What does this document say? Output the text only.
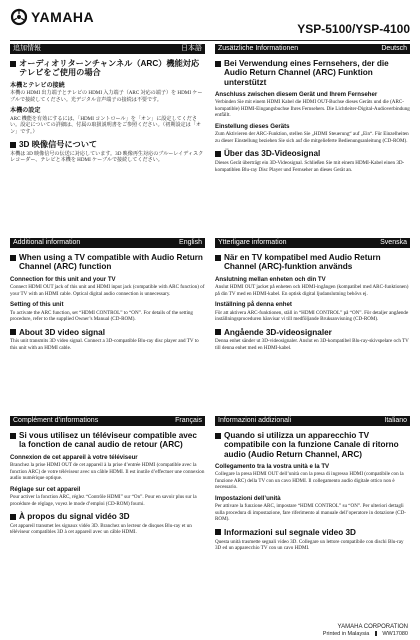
YAMAHA
YSP-5100/YSP-4100
追加情報	日本語
オーディオリターンチャンネル（ARC）機能対応テレビをご使用の場合
本機とテレビの接続
本機の HDMI 出力端子とテレビの HDMI 入力端子（ARC 対応の端子）を HDMI ケーブルで接続してください。光デジタル音声端子の接続は不要です。
本機の設定
ARC 機能を有効にするには、「HDMI コントロール」を「オン」に設定してください。設定についての詳細は、付属の取扱説明書をご参照ください。（初期設定は「オン」です。）
3D 映像信号について
本機は 3D 映像信号の伝送に対応しています。3D 映像再生対応のブルーレイディスクレコーダー、テレビと本機を HDMI ケーブルで接続してください。
Zusätzliche Informationen	Deutsch
Bei Verwendung eines Fernsehers, der die Audio Return Channel (ARC) Funktion unterstützt
Anschluss zwischen diesem Gerät und Ihrem Fernseher
Verbinden Sie mit einem HDMI Kabel die HDMI OUT-Buchse dieses Geräts und die (ARC-kompatible) HDMI-Eingangsbuchse Ihres Fernsehers. Die Lichtleiter-Digital-Audioverbindung entfällt.
Einstellung dieses Geräts
Zum Aktivieren der ARC-Funktion, stellen Sie „HDMI Steuerung“ auf „Ein“. Für Einzelheiten zu dieser Einstellung beziehen Sie sich auf die mitgelieferte Bedienungsanleitung (CD-ROM).
Über das 3D-Videosignal
Dieses Gerät überträgt ein 3D-Videosignal. Schließen Sie mit einem HDMI-Kabel einen 3D-kompatiblen Blu-ray Disc Player und Fernseher an dieses Gerät an.
Additional information	English
When using a TV compatible with Audio Return Channel (ARC) function
Connection for this unit and your TV
Connect HDMI OUT jack of this unit and HDMI input jack (compatible with ARC function) of your TV with an HDMI cable. Optical digital audio connection is unnecessary.
Setting of this unit
To activate the ARC function, set “HDMI CONTROL” to “ON”. For details of the setting procedure, refer to the supplied Owner’s Manual (CD-ROM).
About 3D video signal
This unit transmits 3D video signal. Connect a 3D-compatible Blu-ray disc player and TV to this unit with an HDMI cable.
Ytterligare information	Svenska
När en TV kompatibel med Audio Return Channel (ARC)-funktion används
Anslutning mellan enheten och din TV
Anslut HDMI OUT jacket på enheten och HDMI-ingången (kompatibel med ARC-funktionen) på din TV med en HDMI-kabel. En optisk digital ljudanslutning behövs ej.
Inställning på denna enhet
För att aktivera ARC-funktionen, ställ in “HDMI CONTROL” på “ON”. För detaljer angående inställningsproceduren hänvisar vi till medföljande Bruksanvisning (CD-ROM).
Angående 3D-videosignaler
Denna enhet sänder ut 3D-videosignaler. Anslut en 3D-kompatibel Blu-ray-skivspelare och TV till denna enhet med en HDMI-kabel.
Complément d’informations	Français
Si vous utilisez un téléviseur compatible avec la fonction de canal audio de retour (ARC)
Connexion de cet appareil à votre téléviseur
Branchez la prise HDMI OUT de cet appareil à la prise d’entrée HDMI (compatible avec la fonction ARC) de votre téléviseur avec un câble HDMI. Il est inutile d’effectuer une connexion audio numérique optique.
Réglage sur cet appareil
Pour activer la fonction ARC, réglez “Contrôle HDMI” sur “On”. Pour en savoir plus sur la procédure de réglage, voyez le mode d’emploi (CD-ROM) fourni.
À propos du signal vidéo 3D
Cet appareil transmet les signaux vidéo 3D. Branchez un lecteur de disques Blu-ray et un téléviseur compatibles 3D à cet appareil avec un câble HDMI.
Informazioni addizionali	Italiano
Quando si utilizza un apparecchio TV compatibile con la funzione Canale di ritorno audio (Audio Return Channel, ARC)
Collegamento tra la vostra unità e la TV
Collegare la presa HDMI OUT dell’unità con la presa di ingresso HDMI (compatibile con la funzione ARC) della TV con un cavo HDMI. Il collegamento audio digitale ottico non è necessario.
Impostazioni dell’unità
Per attivare la funzione ARC, impostare “HDMI CONTROL” su “ON”. Per ulteriori dettagli sulla procedura di impostazione, fare riferimento al manuale dell’operatore in dotazione (CD-ROM).
Informazioni sul segnale video 3D
Questa unità trasmette segnali video 3D. Collegare un lettore compatibile con dischi Blu-ray 3D ed un apparecchio TV con un cavo HDMI.
YAMAHA CORPORATION
Printed in Malaysia WW17080
